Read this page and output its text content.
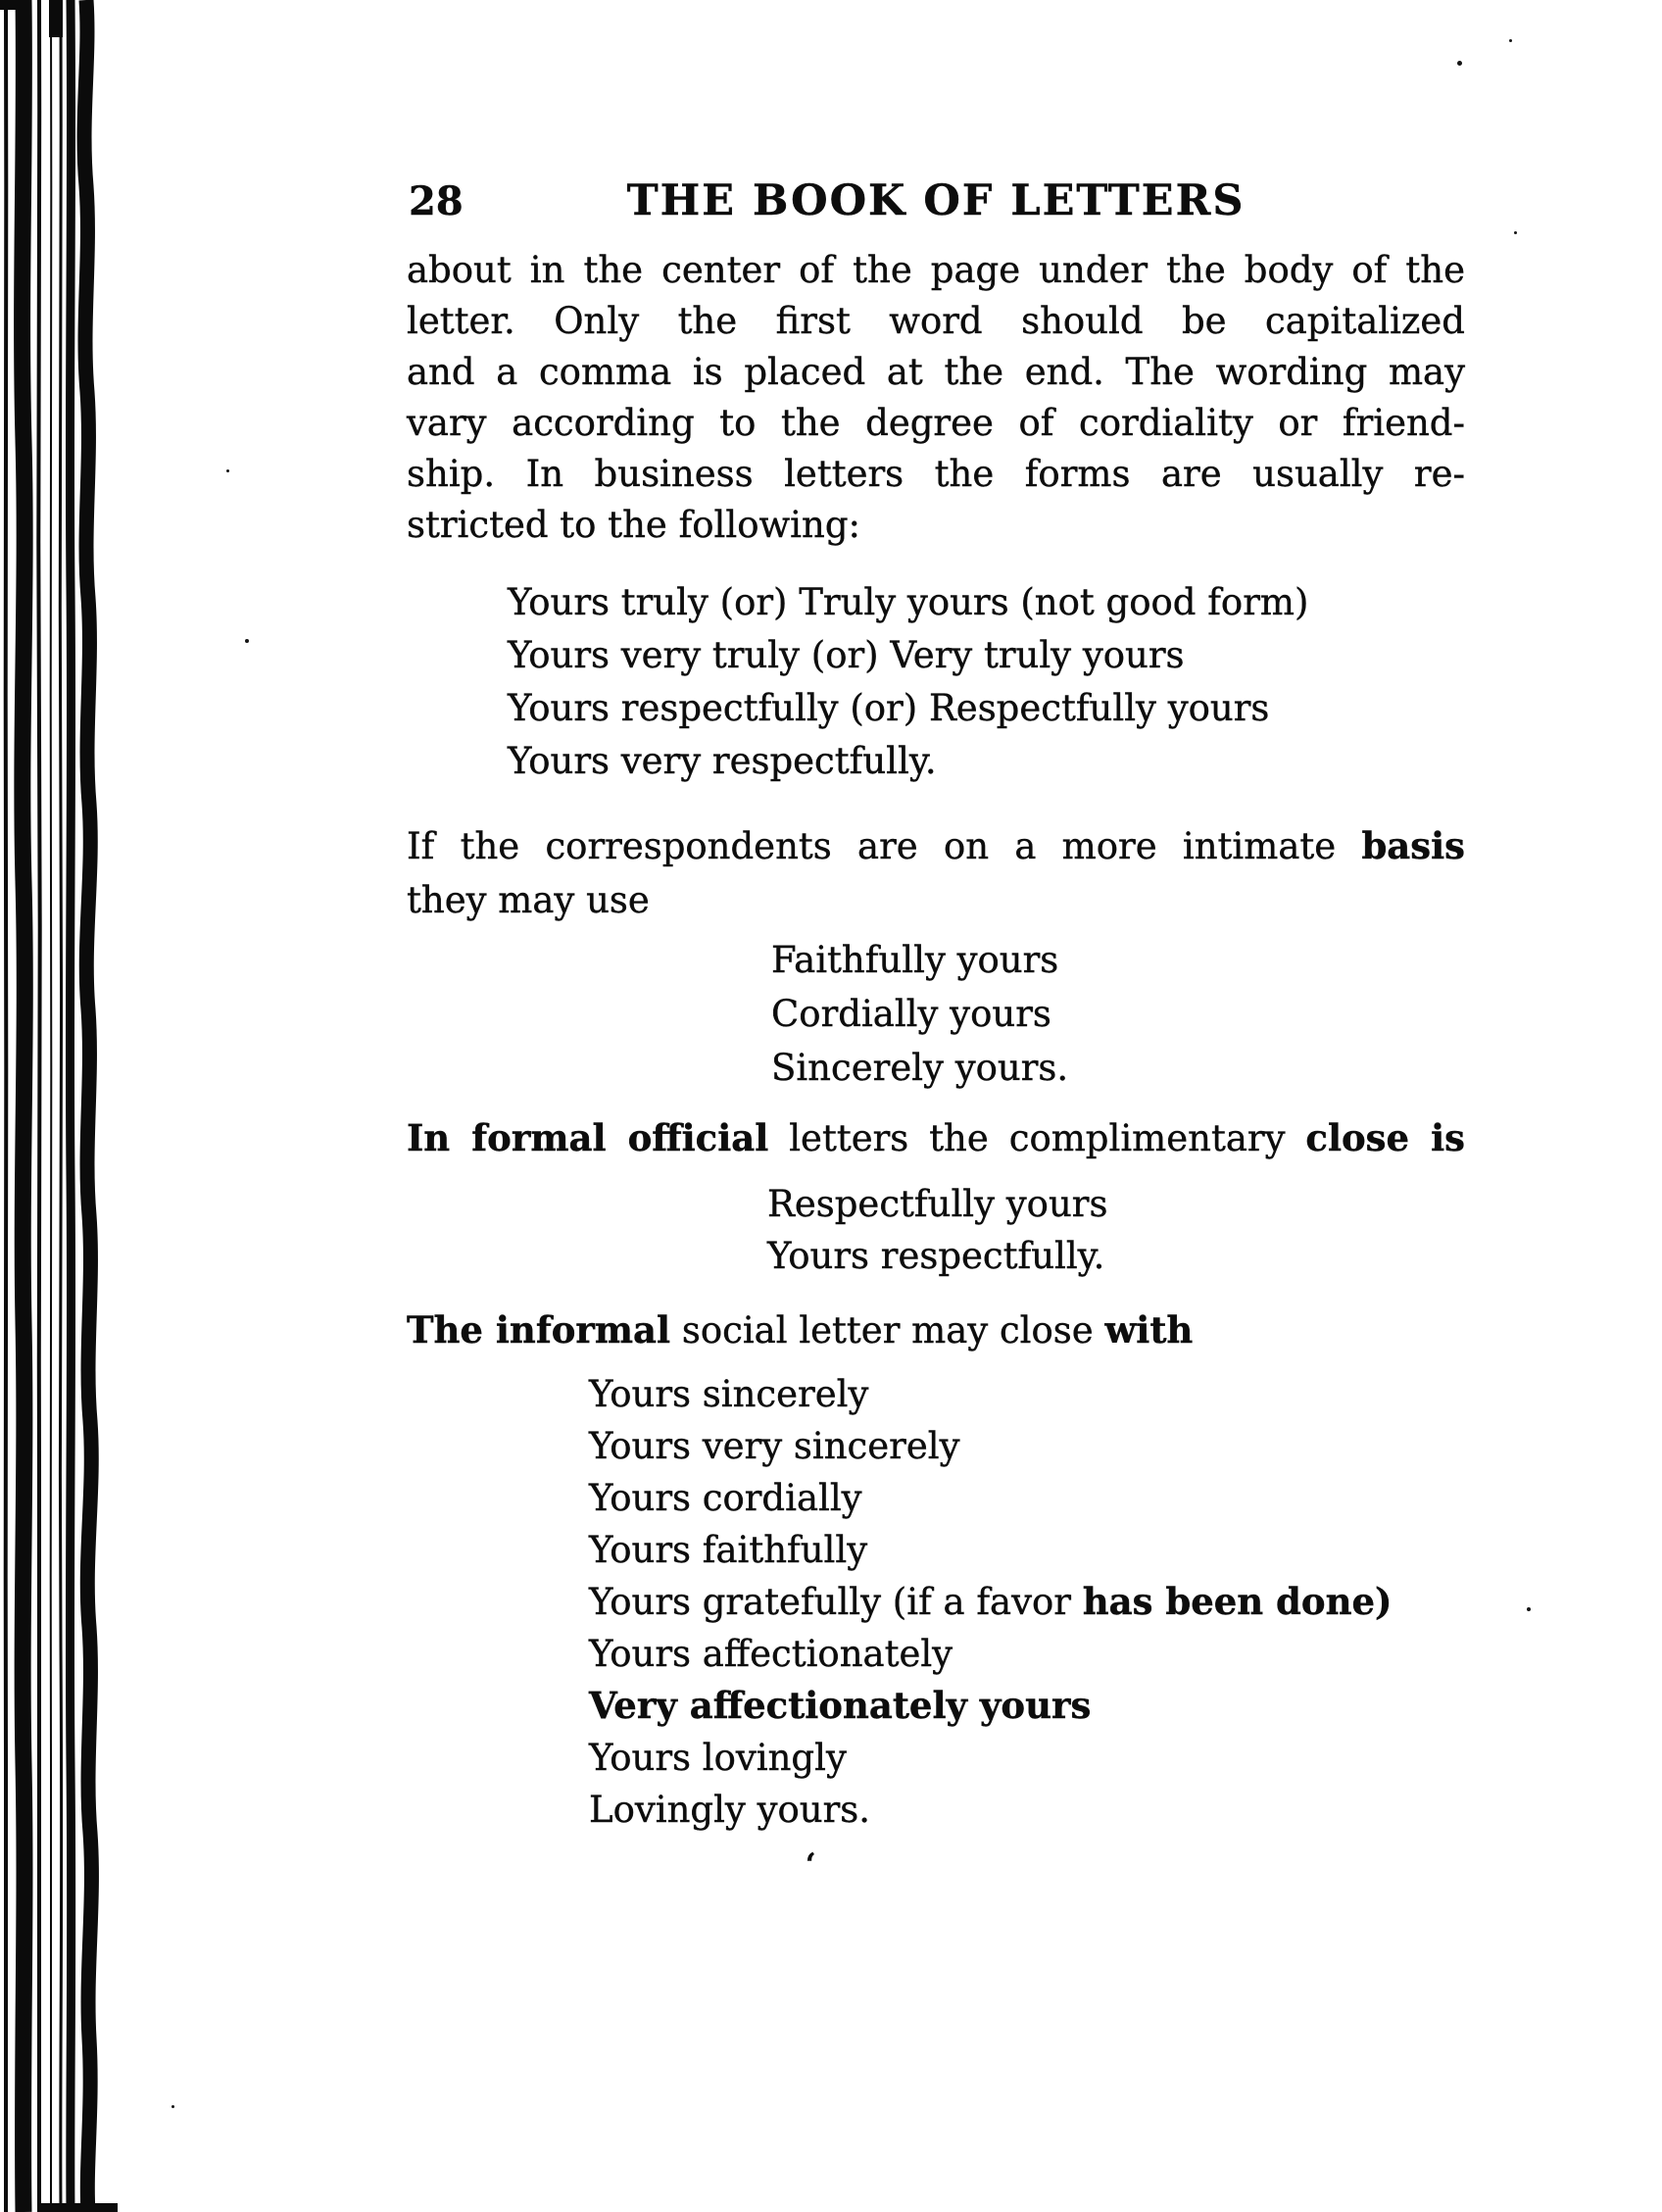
28	THE BOOK OF LETTERS
about in the center of the page under the body of the
letter. Only the first word should be capitalized
and a comma is placed at the end. The wording may
vary according to the degree of cordiality or friend-
ship. In business letters the forms are usually re-
stricted to the following:
Yours truly (or) Truly yours (not good form)
Yours very truly (or) Very truly yours
Yours respectfully (or) Respectfully yours
Yours very respectfully.
If the correspondents are on a more intimate basis
they may use
Faithfully yours
Cordially yours
Sincerely yours.
In formal official letters the complimentary close is
Respectfully yours
Yours respectfully.
The informal social letter may close with
Yours sincerely
Yours very sincerely
Yours cordially
Yours faithfully
Yours gratefully (if a favor has been done)
Yours affectionately
Very affectionately yours
Yours lovingly
Lovingly yours.
‘
